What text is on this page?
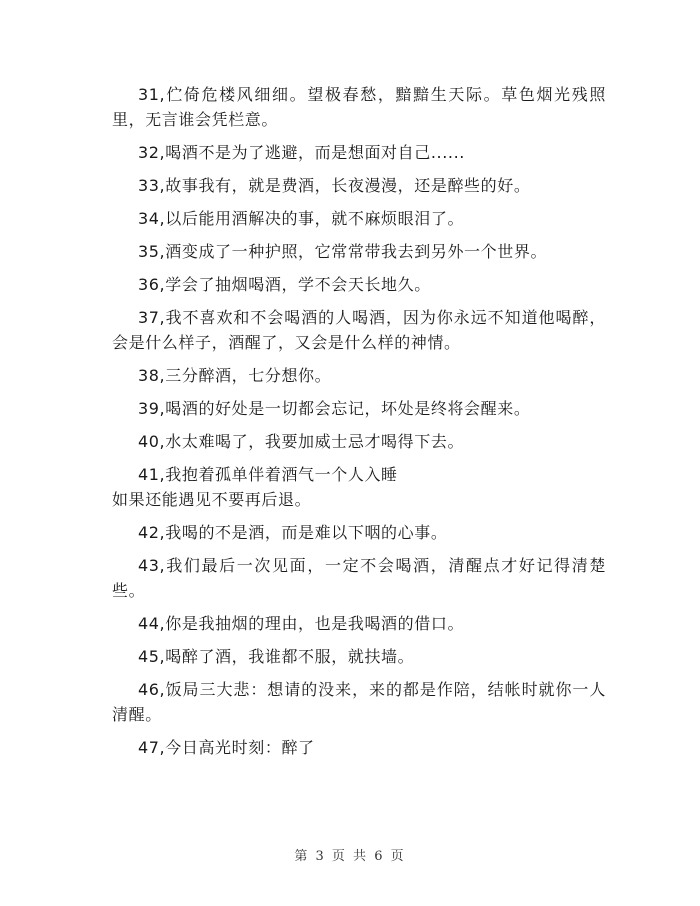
31,伫倚危楼风细细。望极春愁，黯黯生天际。草色烟光残照里，无言谁会凭栏意。

32,喝酒不是为了逃避，而是想面对自己......

33,故事我有，就是费酒，长夜漫漫，还是醉些的好。

34,以后能用酒解决的事，就不麻烦眼泪了。

35,酒变成了一种护照，它常常带我去到另外一个世界。

36,学会了抽烟喝酒，学不会天长地久。

37,我不喜欢和不会喝酒的人喝酒，因为你永远不知道他喝醉，会是什么样子，酒醒了，又会是什么样的神情。

38,三分醉酒，七分想你。

39,喝酒的好处是一切都会忘记，坏处是终将会醒来。

40,水太难喝了，我要加威士忌才喝得下去。

41,我抱着孤单伴着酒气一个人入睡

如果还能遇见不要再后退。

42,我喝的不是酒，而是难以下咽的心事。

43,我们最后一次见面，一定不会喝酒，清醒点才好记得清楚些。

44,你是我抽烟的理由，也是我喝酒的借口。

45,喝醉了酒，我谁都不服，就扶墙。

46,饭局三大悲：想请的没来，来的都是作陪，结帐时就你一人清醒。

47,今日高光时刻：醉了

第 3 页 共 6 页
